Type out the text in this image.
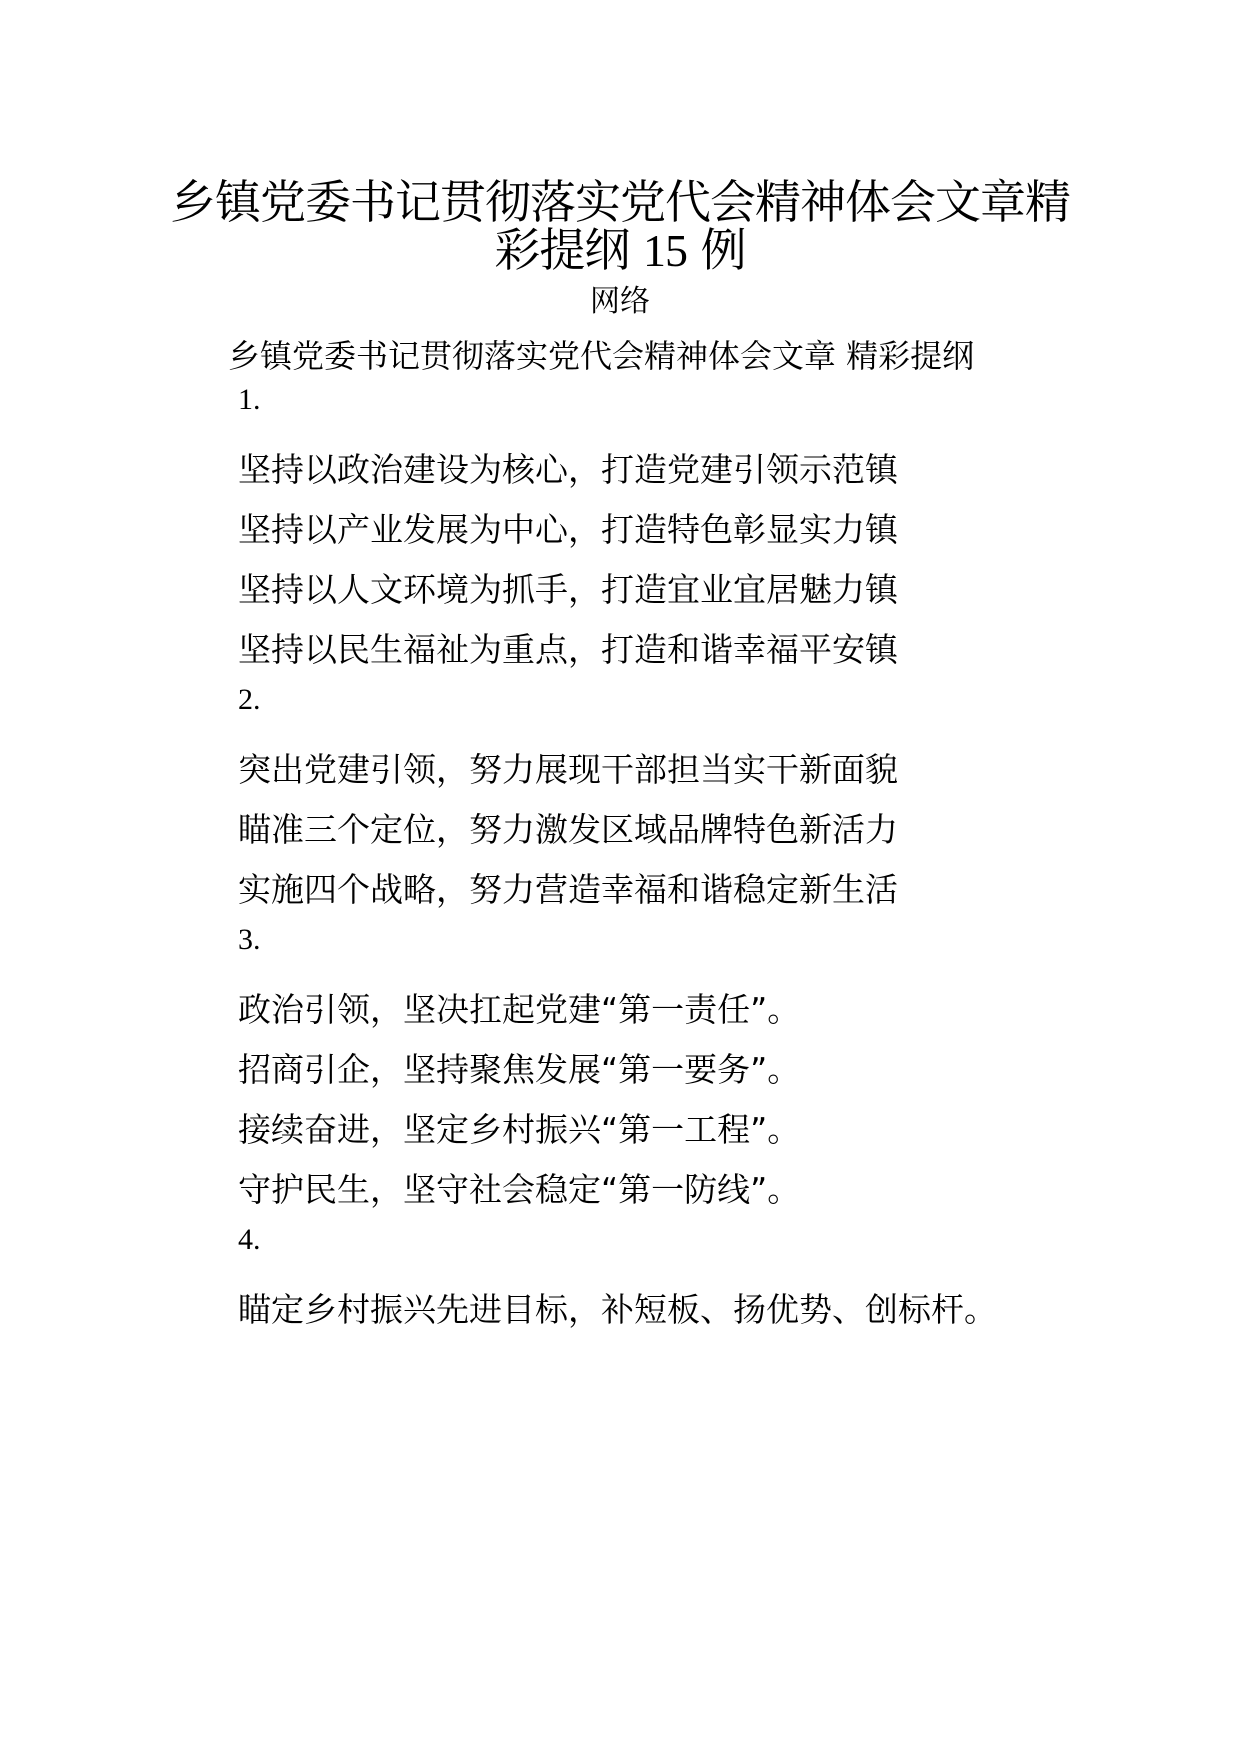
乡镇党委书记贯彻落实党代会精神体会文章精彩提纲 15 例
网络
乡镇党委书记贯彻落实党代会精神体会文章 精彩提纲
1.
坚持以政治建设为核心，打造党建引领示范镇
坚持以产业发展为中心，打造特色彰显实力镇
坚持以人文环境为抓手，打造宜业宜居魅力镇
坚持以民生福祉为重点，打造和谐幸福平安镇
2.
突出党建引领，努力展现干部担当实干新面貌
瞄准三个定位，努力激发区域品牌特色新活力
实施四个战略，努力营造幸福和谐稳定新生活
3.
政治引领，坚决扛起党建“第一责任”。
招商引企，坚持聚焦发展“第一要务”。
接续奋进，坚定乡村振兴“第一工程”。
守护民生，坚守社会稳定“第一防线”。
4.
瞄定乡村振兴先进目标，补短板、扬优势、创标杆。
